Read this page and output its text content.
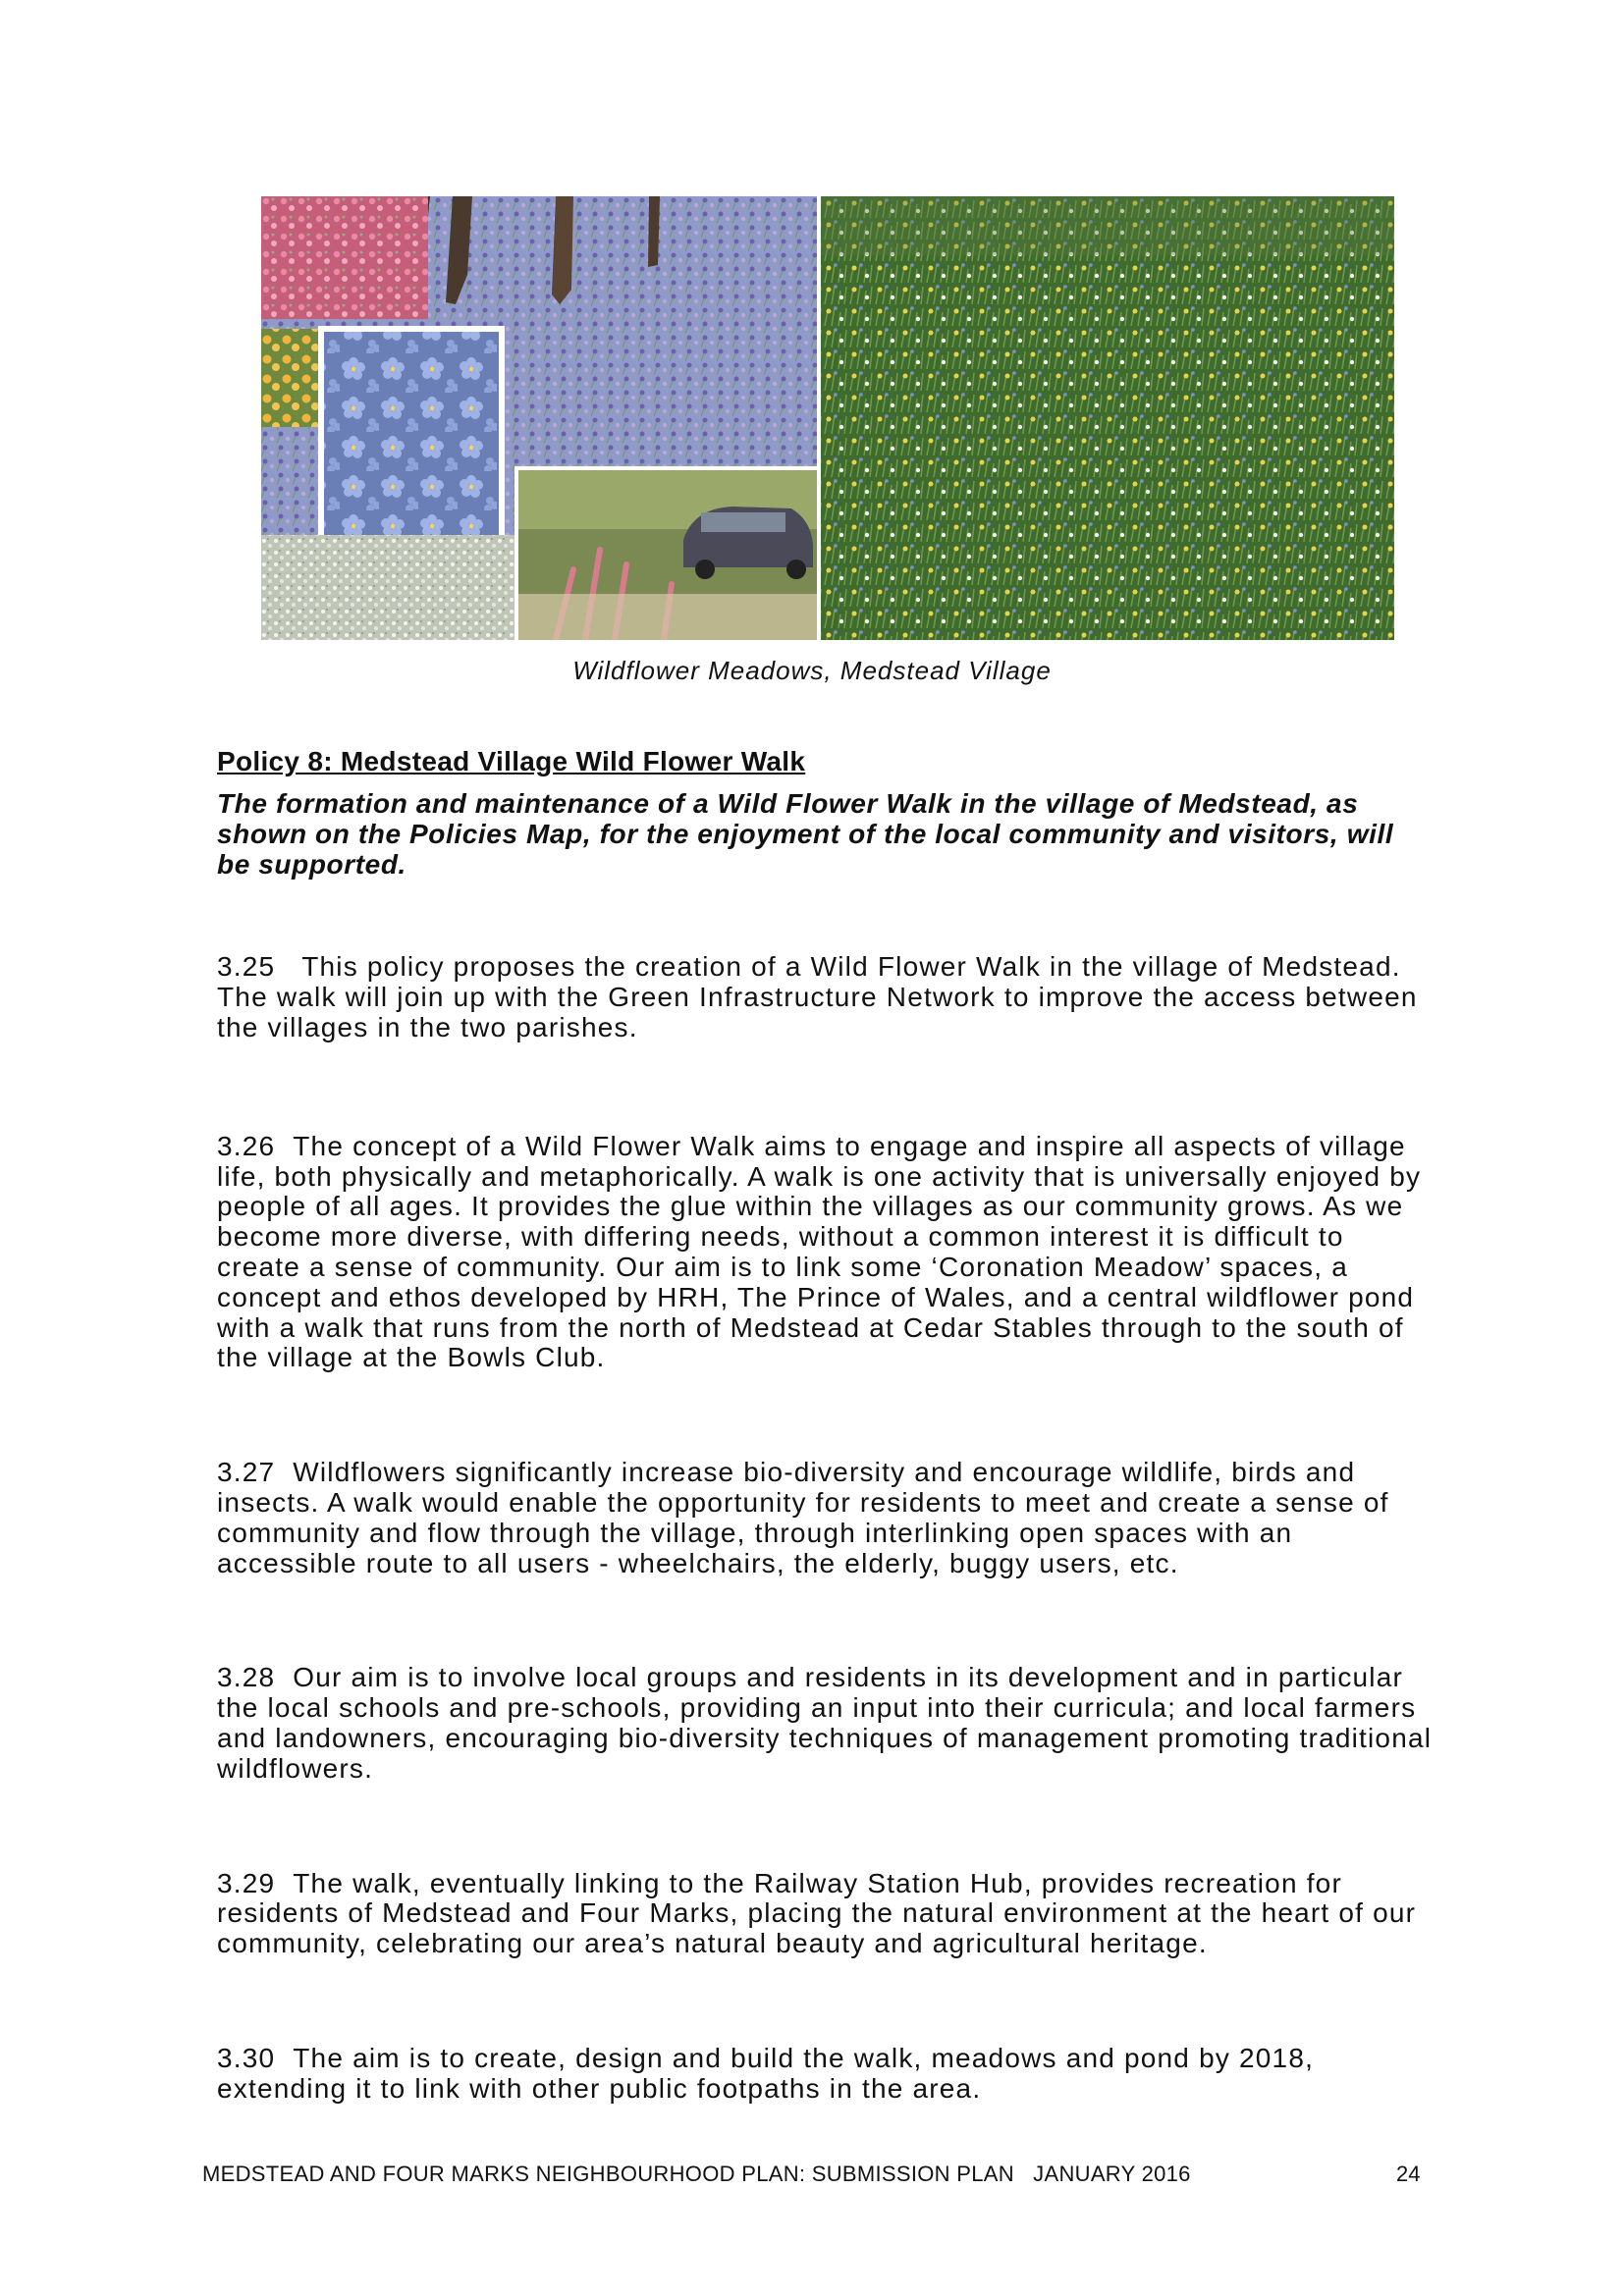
Wildflower Meadows, Medstead Village

Policy 8: Medstead Village Wild Flower Walk

The formation and maintenance of a Wild Flower Walk in the village of Medstead, as shown on the Policies Map, for the enjoyment of the local community and visitors, will be supported.

3.25   This policy proposes the creation of a Wild Flower Walk in the village of Medstead. The walk will join up with the Green Infrastructure Network to improve the access between the villages in the two parishes.

3.26  The concept of a Wild Flower Walk aims to engage and inspire all aspects of village life, both physically and metaphorically. A walk is one activity that is universally enjoyed by people of all ages. It provides the glue within the villages as our community grows. As we become more diverse, with differing needs, without a common interest it is difficult to create a sense of community. Our aim is to link some ‘Coronation Meadow’ spaces, a concept and ethos developed by HRH, The Prince of Wales, and a central wildflower pond with a walk that runs from the north of Medstead at Cedar Stables through to the south of the village at the Bowls Club.

3.27  Wildflowers significantly increase bio-diversity and encourage wildlife, birds and insects. A walk would enable the opportunity for residents to meet and create a sense of community and flow through the village, through interlinking open spaces with an accessible route to all users - wheelchairs, the elderly, buggy users, etc.

3.28  Our aim is to involve local groups and residents in its development and in particular the local schools and pre-schools, providing an input into their curricula; and local farmers and landowners, encouraging bio-diversity techniques of management promoting traditional wildflowers.

3.29  The walk, eventually linking to the Railway Station Hub, provides recreation for residents of Medstead and Four Marks, placing the natural environment at the heart of our community, celebrating our area’s natural beauty and agricultural heritage.

3.30  The aim is to create, design and build the walk, meadows and pond by 2018, extending it to link with other public footpaths in the area.

MEDSTEAD AND FOUR MARKS NEIGHBOURHOOD PLAN: SUBMISSION PLAN   JANUARY 2016	24
